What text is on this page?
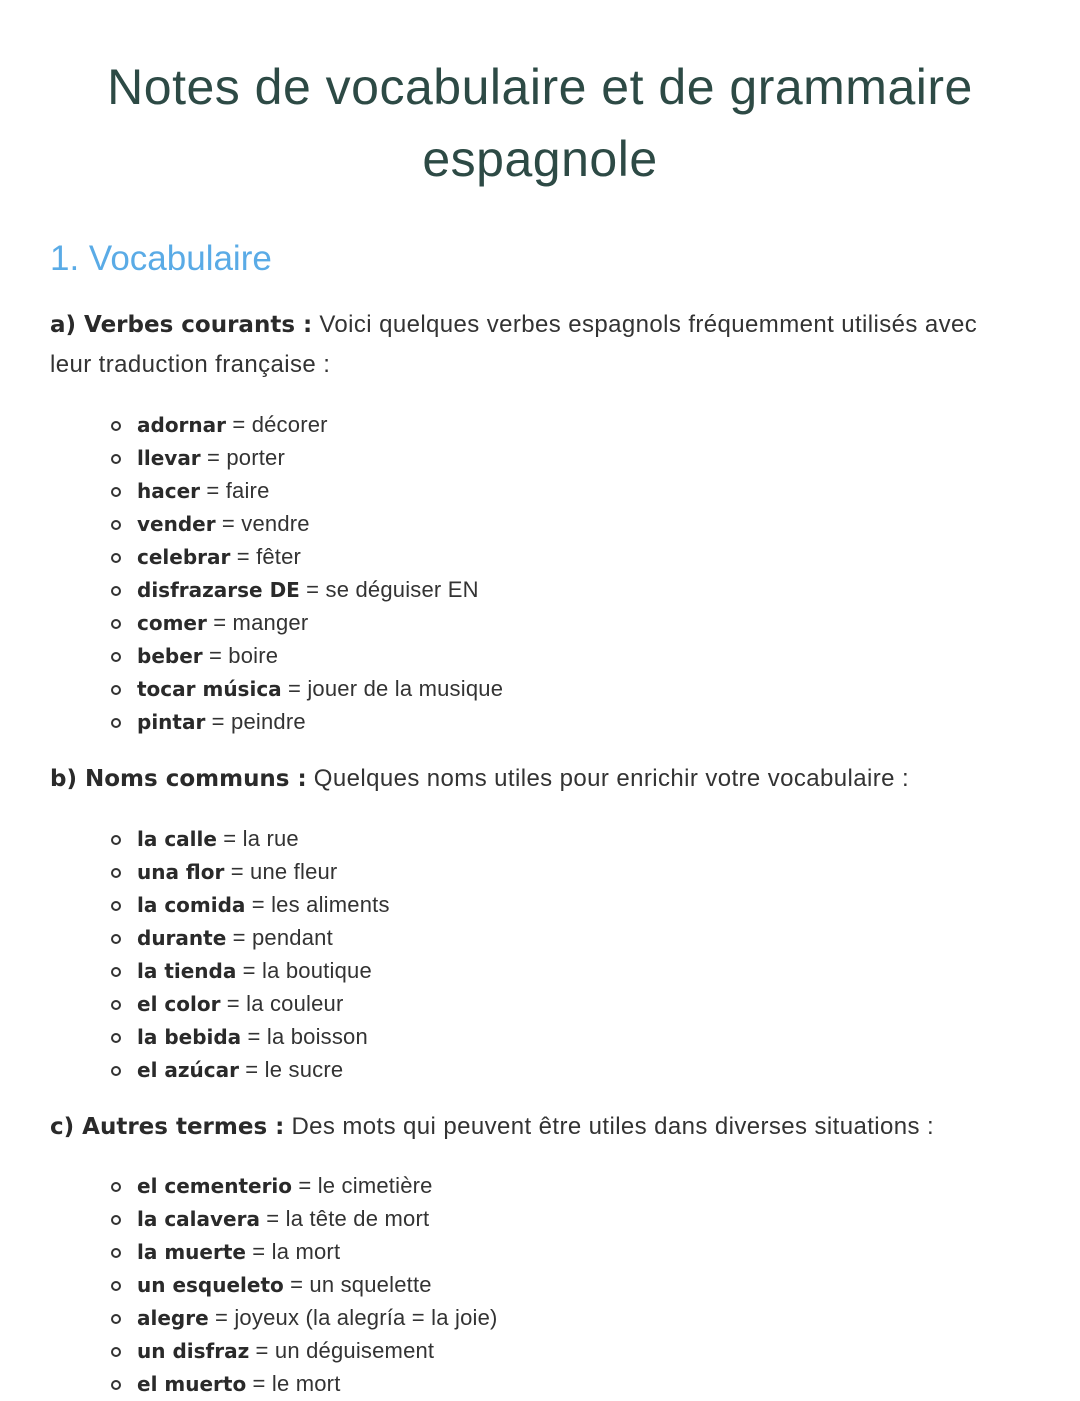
Notes de vocabulaire et de grammaire
espagnole
1. Vocabulaire

a) Verbes courants : Voici quelques verbes espagnols fréquemment utilisés avec leur traduction française :

adornar = décorer
llevar = porter
hacer = faire
vender = vendre
celebrar = fêter
disfrazarse DE = se déguiser EN
comer = manger
beber = boire
tocar música = jouer de la musique
pintar = peindre

b) Noms communs : Quelques noms utiles pour enrichir votre vocabulaire :

la calle = la rue
una flor = une fleur
la comida = les aliments
durante = pendant
la tienda = la boutique
el color = la couleur
la bebida = la boisson
el azúcar = le sucre

c) Autres termes : Des mots qui peuvent être utiles dans diverses situations :

el cementerio = le cimetière
la calavera = la tête de mort
la muerte = la mort
un esqueleto = un squelette
alegre = joyeux (la alegría = la joie)
un disfraz = un déguisement
el muerto = le mort
